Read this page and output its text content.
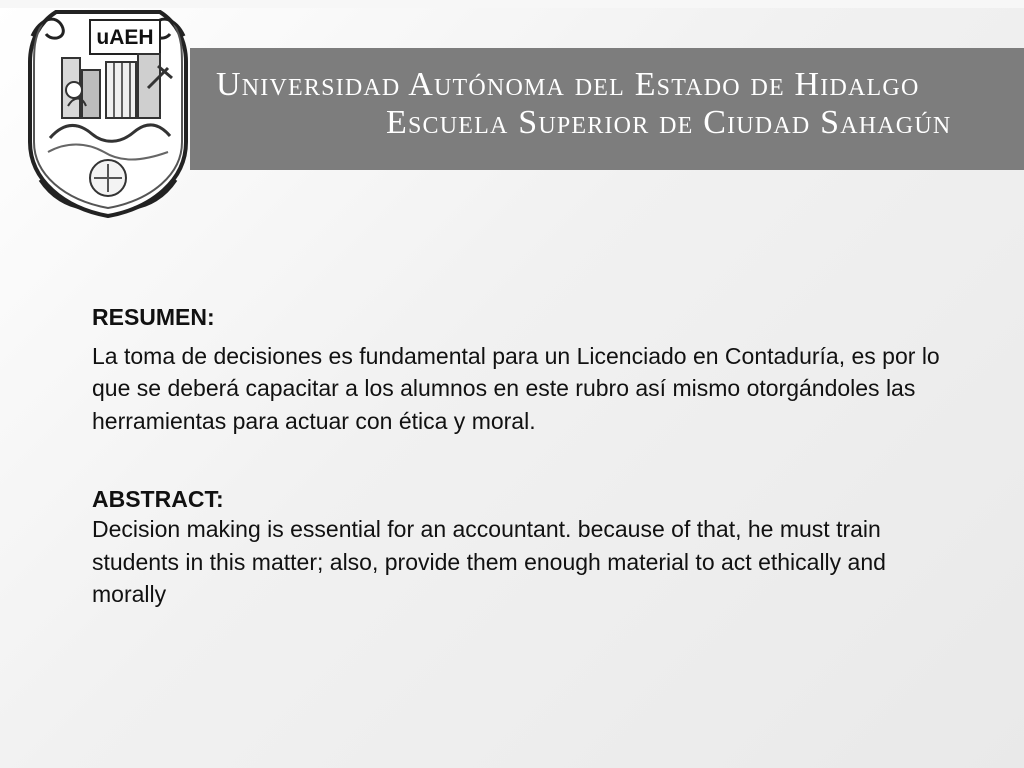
Universidad Autónoma del Estado de Hidalgo
Escuela Superior de Ciudad Sahagún
uAEH
RESUMEN:

La toma de decisiones es fundamental para un Licenciado en Contaduría, es por lo que se deberá capacitar a los alumnos en este rubro así mismo otorgándoles las herramientas para actuar con ética y moral.

ABSTRACT:

Decision making is essential for an accountant. because of that, he must train students in this matter; also, provide them enough material to act ethically and morally
